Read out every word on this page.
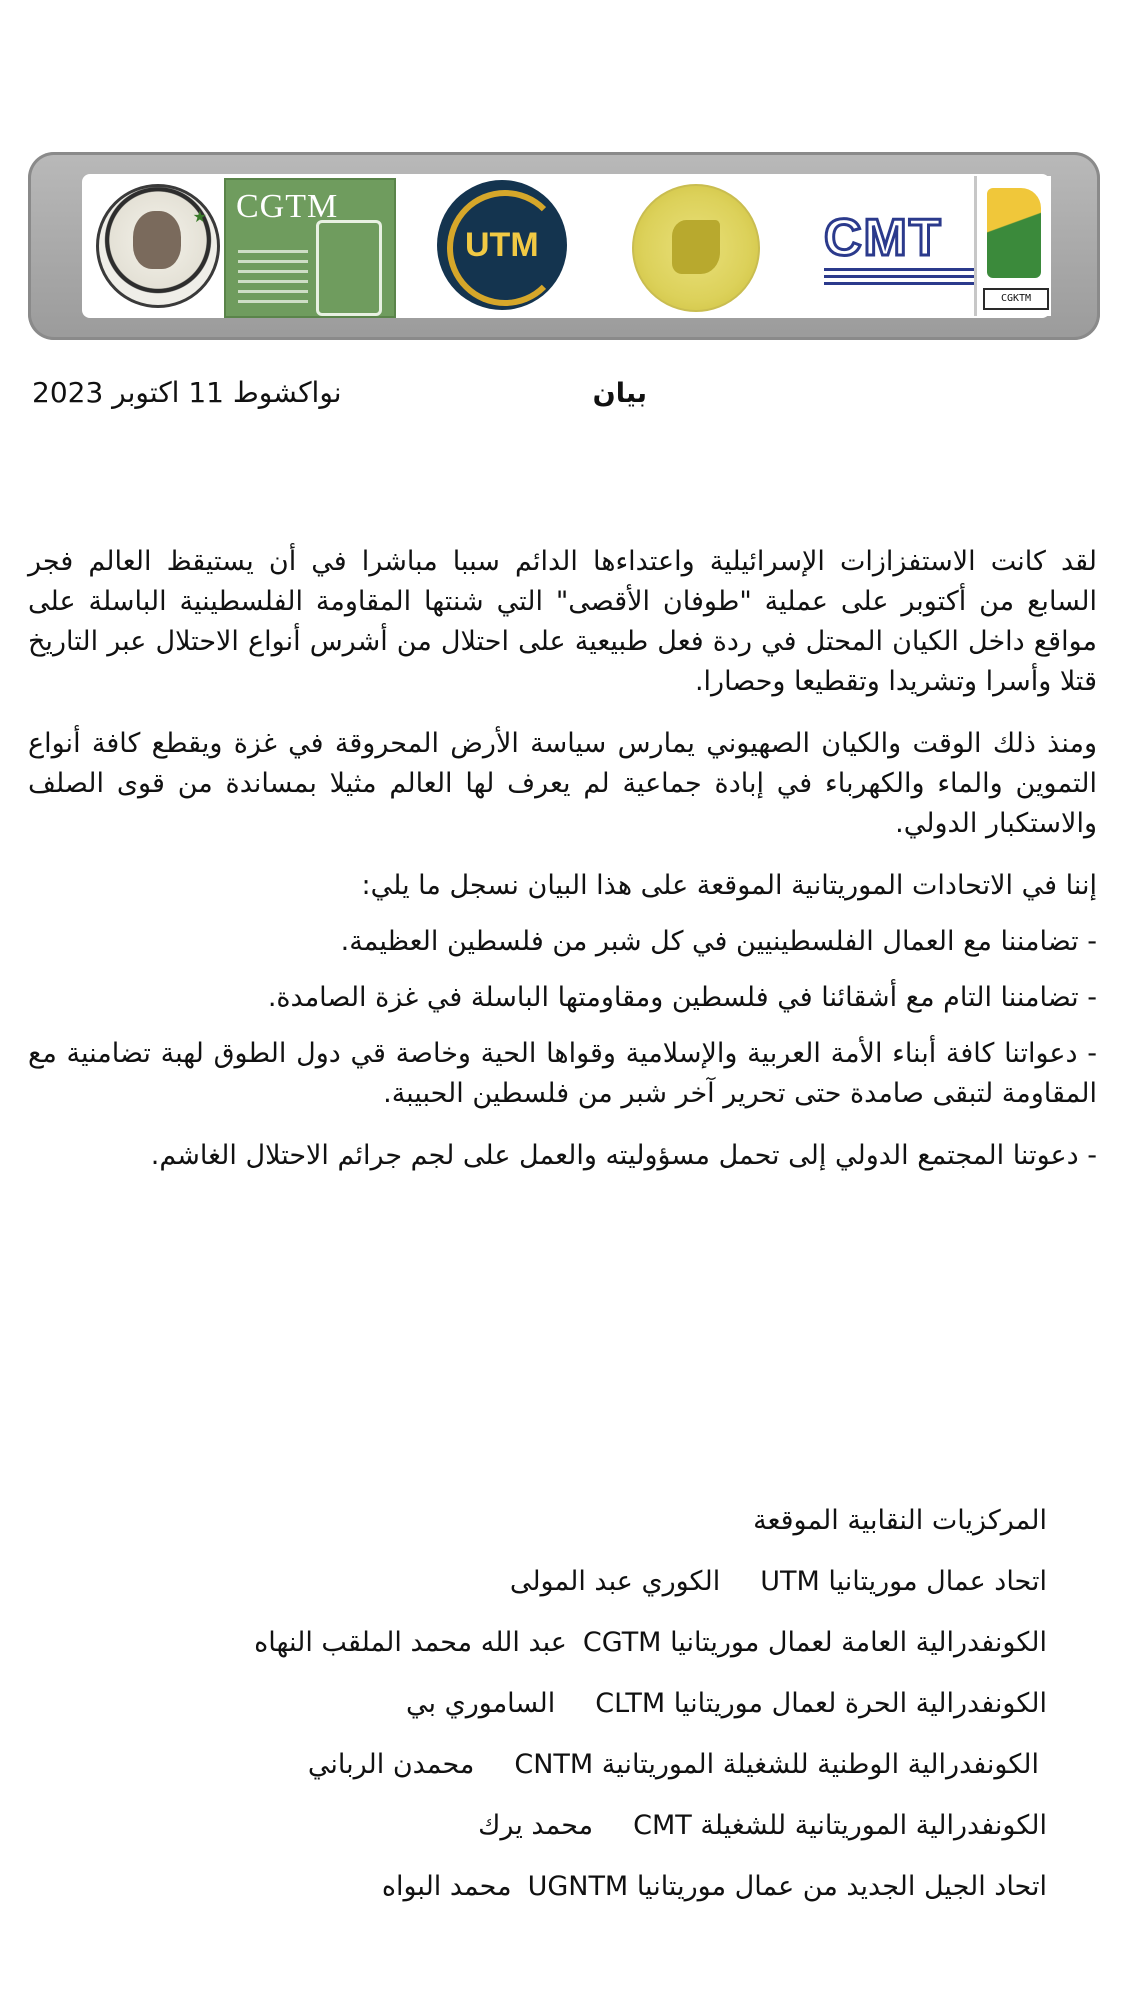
★ CGTM
UTM	CMT
CGKTM
بيان
نواكشوط 11 اكتوبر 2023

لقد كانت الاستفزازات الإسرائيلية واعتداءها الدائم سببا مباشرا في أن يستيقظ العالم فجر السابع من أكتوبر على عملية "طوفان الأقصى" التي شنتها المقاومة الفلسطينية الباسلة على مواقع داخل الكيان المحتل في ردة فعل طبيعية على احتلال من أشرس أنواع الاحتلال عبر التاريخ قتلا وأسرا وتشريدا وتقطيعا وحصارا.

ومنذ ذلك الوقت والكيان الصهيوني يمارس سياسة الأرض المحروقة في غزة ويقطع كافة أنواع التموين والماء والكهرباء في إبادة جماعية لم يعرف لها العالم مثيلا بمساندة من قوى الصلف والاستكبار الدولي.

إننا في الاتحادات الموريتانية الموقعة على هذا البيان نسجل ما يلي:

- تضامننا مع العمال الفلسطينيين في كل شبر من فلسطين العظيمة.

- تضامننا التام مع أشقائنا في فلسطين ومقاومتها الباسلة في غزة الصامدة.

- دعواتنا كافة أبناء الأمة العربية والإسلامية وقواها الحية وخاصة قي دول الطوق لهبة تضامنية مع المقاومة لتبقى صامدة حتى تحرير آخر شبر من فلسطين الحبيبة.

- دعوتنا المجتمع الدولي إلى تحمل مسؤوليته والعمل على لجم جرائم الاحتلال الغاشم.

المركزيات النقابية الموقعة
اتحاد عمال موريتانيا UTMالكوري عبد المولى
الكونفدرالية العامة لعمال موريتانيا CGTMعبد الله محمد الملقب النهاه
الكونفدرالية الحرة لعمال موريتانيا CLTMالساموري بي
الكونفدرالية الوطنية للشغيلة الموريتانية CNTMمحمدن الرباني
الكونفدرالية الموريتانية للشغيلة CMTمحمد يرك
اتحاد الجيل الجديد من عمال موريتانيا UGNTMمحمد البواه
